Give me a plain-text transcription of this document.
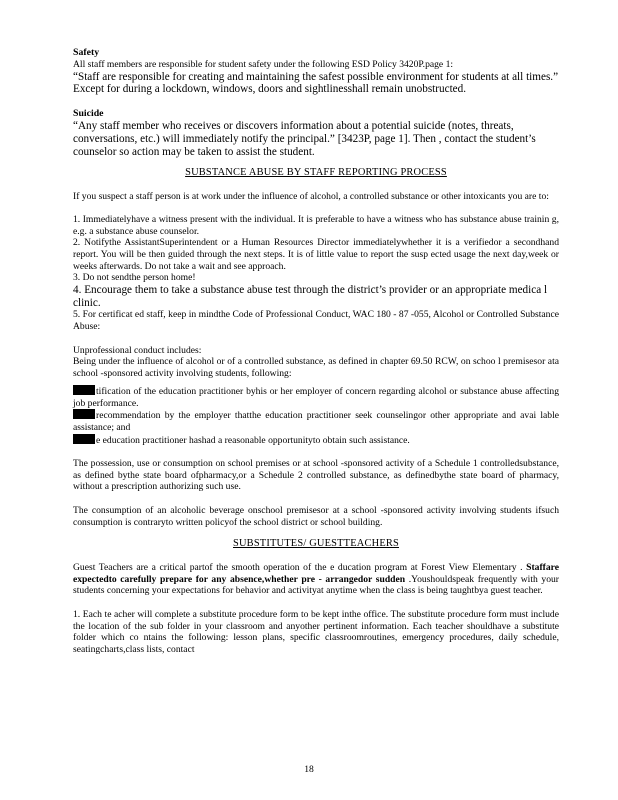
Safety

All staff members are responsible for student safety under the following ESD Policy 3420P.page 1:

“Staff are responsible for creating and maintaining the safest possible environment for students at all times.” Except for during a lockdown, windows, doors and sightlinesshall remain unobstructed.

Suicide

“Any staff member who receives or discovers information about a potential suicide (notes, threats, conversations, etc.) will immediately notify the principal.” [3423P, page 1]. Then , contact the student’s counselor so action may be taken to assist the student.

SUBSTANCE ABUSE BY STAFF REPORTING PROCESS

If you suspect a staff person is at work under the influence of alcohol, a controlled substance or other intoxicants you are to:

1. Immediatelyhave a witness present with the individual. It is preferable to have a witness who has substance abuse trainin g, e.g. a substance abuse counselor.

2. Notifythe AssistantSuperintendent or a Human Resources Director immediatelywhether it is a verifiedor a secondhand report. You will be then guided through the next steps. It is of little value to report the susp ected usage the next day,week or weeks afterwards. Do not take a wait and see approach.

3. Do not sendthe person home!

4. Encourage them to take a substance abuse test through the district’s provider or an appropriate medica l clinic.

5. For certificat ed staff, keep in mindthe Code of Professional Conduct, WAC 180 - 87 -055, Alcohol or Controlled Substance Abuse:

Unprofessional conduct includes:

Being under the influence of alcohol or of a controlled substance, as defined in chapter 69.50 RCW, on schoo l premisesor ata school -sponsored activity involving students, following:

tification of the education practitioner byhis or her employer of concern regarding alcohol or substance abuse affecting job performance.

recommendation by the employer thatthe education practitioner seek counselingor other appropriate and avai lable assistance; and

e education practitioner hashad a reasonable opportunityto obtain such assistance.

The possession, use or consumption on school premises or at school -sponsored activity of a Schedule 1 controlledsubstance, as defined bythe state board ofpharmacy,or a Schedule 2 controlled substance, as definedbythe state board of pharmacy, without a prescription authorizing such use.

The consumption of an alcoholic beverage onschool premisesor at a school -sponsored activity involving students ifsuch consumption is contraryto written policyof the school district or school building.

SUBSTITUTES/ GUESTTEACHERS

Guest Teachers are a critical partof the smooth operation of the e ducation program at Forest View Elementary . Staffare expectedto carefully prepare for any absence,whether pre - arrangedor sudden .Youshouldspeak frequently with your students concerning your expectations for behavior and activityat anytime when the class is being taughtbya guest teacher.

1. Each te acher will complete a substitute procedure form to be kept inthe office. The substitute procedure form must include the location of the sub folder in your classroom and anyother pertinent information. Each teacher shouldhave a substitute folder which co ntains the following: lesson plans, specific classroomroutines, emergency procedures, daily schedule, seatingcharts,class lists, contact

18
